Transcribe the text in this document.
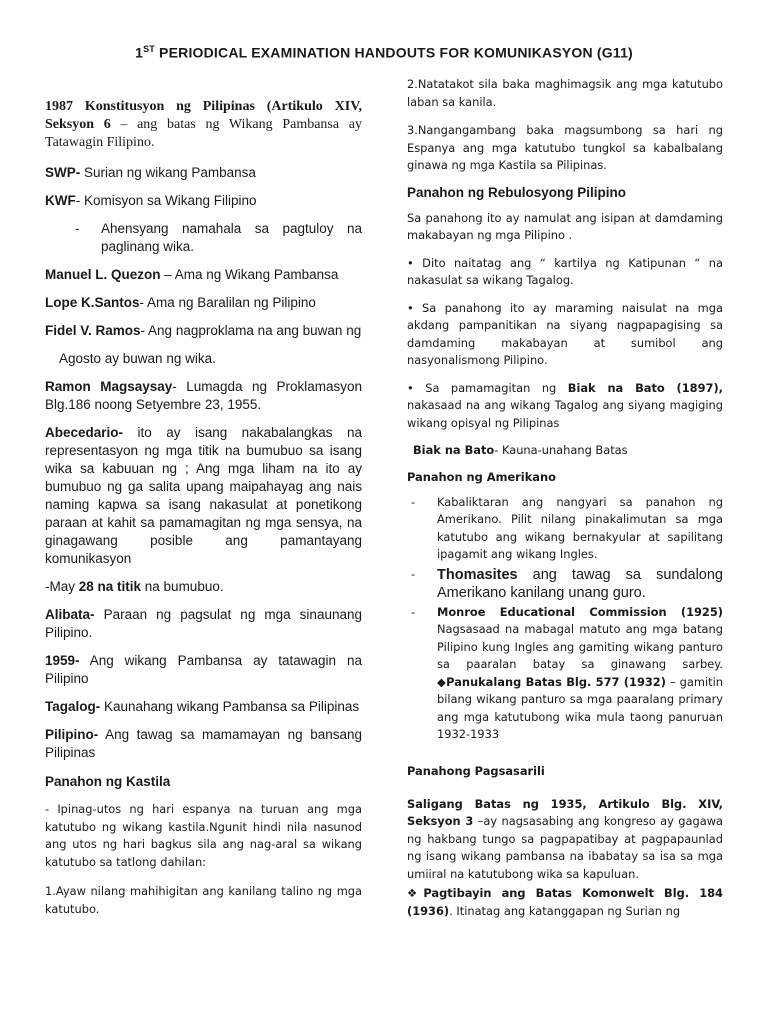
1ST PERIODICAL EXAMINATION HANDOUTS FOR KOMUNIKASYON (G11)

1987 Konstitusyon ng Pilipinas (Artikulo XIV, Seksyon 6 – ang batas ng Wikang Pambansa ay Tatawagin Filipino.

SWP- Surian ng wikang Pambansa

KWF- Komisyon sa Wikang Filipino

-	Ahensyang namahala sa pagtuloy na paglinang wika.

Manuel L. Quezon – Ama ng Wikang Pambansa

Lope K.Santos- Ama ng Baralilan ng Pilipino

Fidel V. Ramos- Ang nagproklama na ang buwan ng

Agosto ay buwan ng wika.

Ramon Magsaysay- Lumagda ng Proklamasyon Blg.186 noong Setyembre 23, 1955.

Abecedario- ito ay isang nakabalangkas na representasyon ng mga titik na bumubuo sa isang wika sa kabuuan ng ; Ang mga liham na ito ay bumubuo ng ga salita upang maipahayag ang nais naming kapwa sa isang nakasulat at ponetikong paraan at kahit sa pamamagitan ng mga sensya, na ginagawang posible ang pamantayang komunikasyon

-May 28 na titik na bumubuo.

Alibata- Paraan ng pagsulat ng mga sinaunang Pilipino.

1959- Ang wikang Pambansa ay tatawagin na Pilipino

Tagalog- Kaunahang wikang Pambansa sa Pilipinas

Pilipino- Ang tawag sa mamamayan ng bansang Pilipinas

Panahon ng Kastila

- Ipinag-utos ng hari espanya na turuan ang mga katutubo ng wikang kastila.Ngunit hindi nila nasunod ang utos ng hari bagkus sila ang nag-aral sa wikang katutubo sa tatlong dahilan:

1.Ayaw nilang mahihigitan ang kanilang talino ng mga katutubo.

2.Natatakot sila baka maghimagsik ang mga katutubo laban sa kanila.

3.Nangangambang baka magsumbong sa hari ng Espanya ang mga katutubo tungkol sa kabalbalang ginawa ng mga Kastila sa Pilipinas.

Panahon ng Rebulosyong Pilipino

Sa panahong ito ay namulat ang isipan at damdaming makabayan ng mga Pilipino .

• Dito naitatag ang “ kartilya ng Katipunan “ na nakasulat sa wikang Tagalog.

• Sa panahong ito ay maraming naisulat na mga akdang pampanitikan na siyang nagpapagising sa damdaming makabayan at sumibol ang nasyonalismong Pilipino.

• Sa pamamagitan ng Biak na Bato (1897), nakasaad na ang wikang Tagalog ang siyang magiging wikang opisyal ng Pilipinas

Biak na Bato- Kauna-unahang Batas

Panahon ng Amerikano

-	Kabaliktaran ang nangyari sa panahon ng Amerikano. Pilit nilang pinakalimutan sa mga katutubo ang wikang bernakyular at sapilitang ipagamit ang wikang Ingles.
-	Thomasites ang tawag sa sundalong Amerikano kanilang unang guro.
-	Monroe Educational Commission (1925) Nagsasaad na mabagal matuto ang mga batang Pilipino kung Ingles ang gamiting wikang panturo sa paaralan batay sa ginawang sarbey. ◆Panukalang Batas Blg. 577 (1932) – gamitin bilang wikang panturo sa mga paaralang primary ang mga katutubong wika mula taong panuruan 1932-1933

Panahong Pagsasarili

Saligang Batas ng 1935, Artikulo Blg. XIV, Seksyon 3 –ay nagsasabing ang kongreso ay gagawa ng hakbang tungo sa pagpapatibay at pagpapaunlad ng isang wikang pambansa na ibabatay sa isa sa mga umiiral na katutubong wika sa kapuluan.

❖Pagtibayin ang Batas Komonwelt Blg. 184 (1936). Itinatag ang katanggapan ng Surian ng
